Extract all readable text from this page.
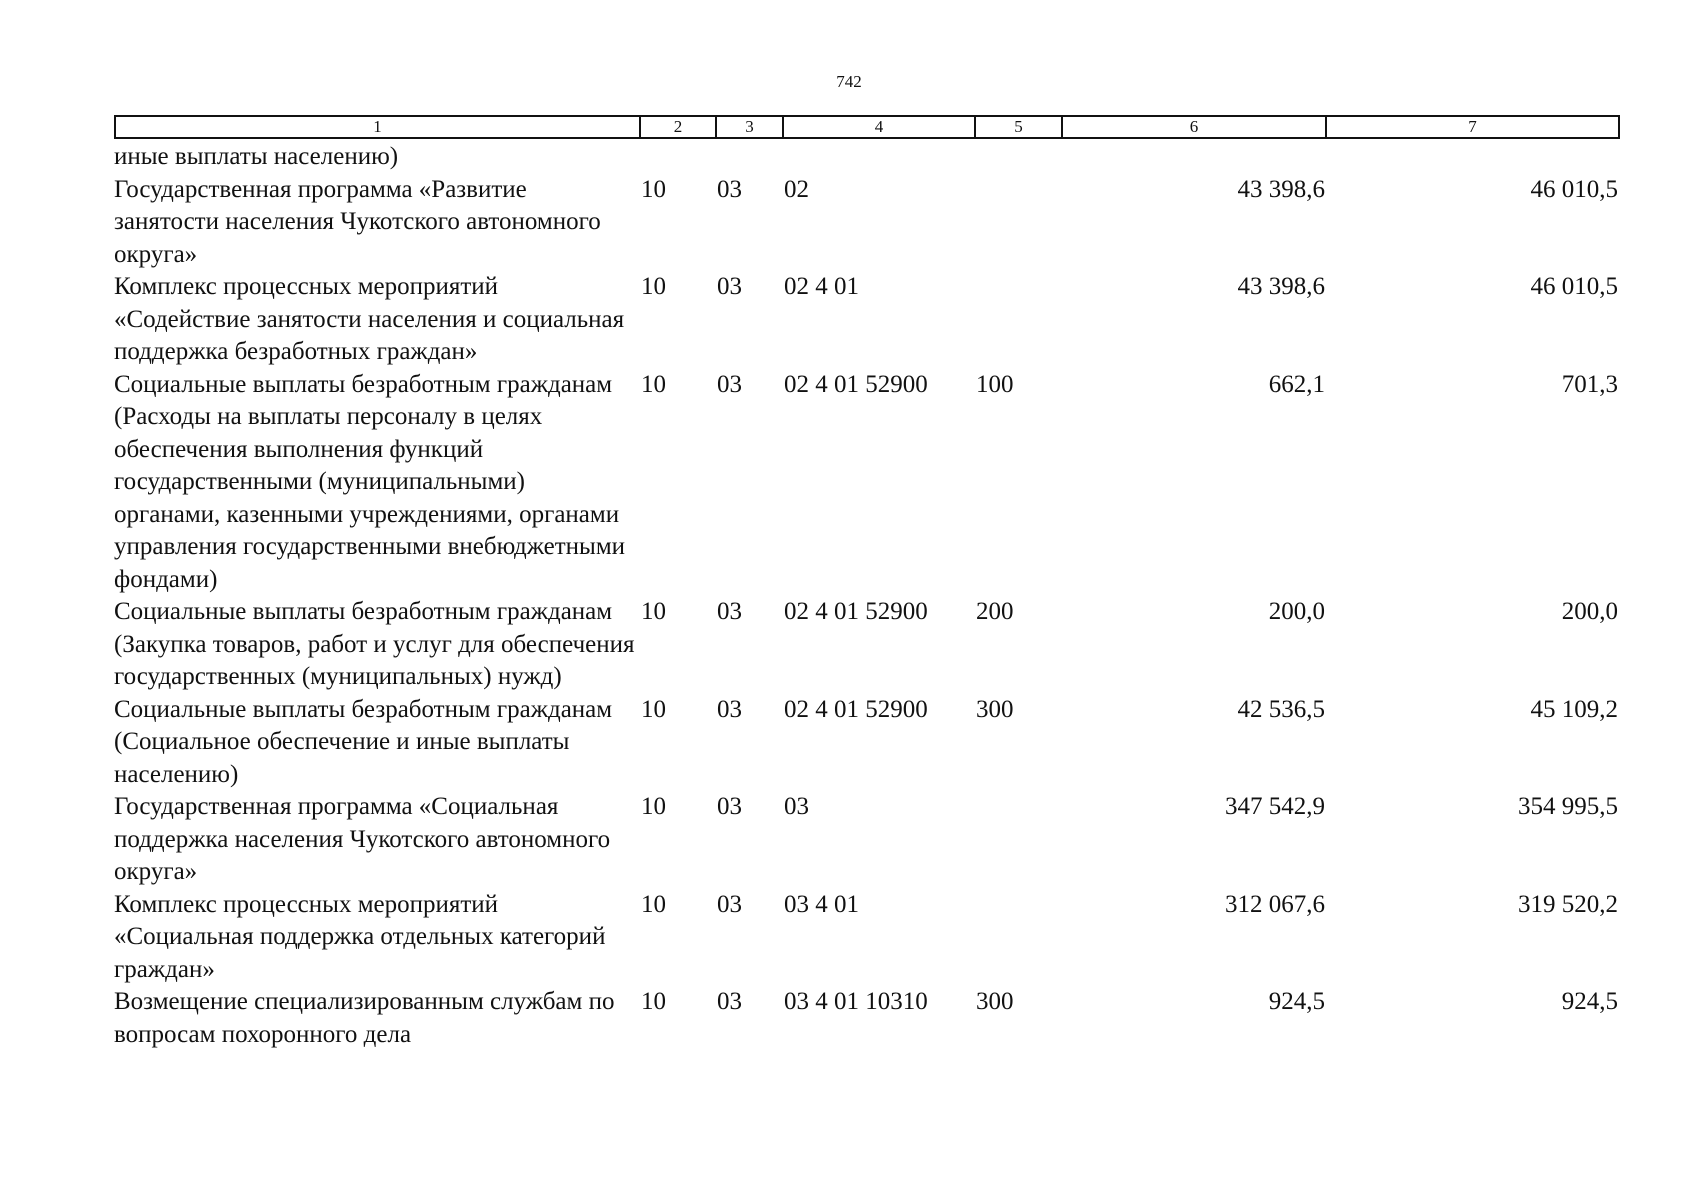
742
1	2	3	4	5	6	7
иные выплаты населению)						
Государственная программа «Развитие занятости населения Чукотского автономного округа»	10	03	02		43 398,6	46 010,5
Комплекс процессных мероприятий «Содействие занятости населения и социальная поддержка безработных граждан»	10	03	02 4 01		43 398,6	46 010,5
Социальные выплаты безработным гражданам (Расходы на выплаты персоналу в целях обеспечения выполнения функций государственными (муниципальными) органами, казенными учреждениями, органами управления государственными внебюджетными фондами)	10	03	02 4 01 52900	100	662,1	701,3
Социальные выплаты безработным гражданам (Закупка товаров, работ и услуг для обеспечения государственных (муниципальных) нужд)	10	03	02 4 01 52900	200	200,0	200,0
Социальные выплаты безработным гражданам (Социальное обеспечение и иные выплаты населению)	10	03	02 4 01 52900	300	42 536,5	45 109,2
Государственная программа «Социальная поддержка населения Чукотского автономного округа»	10	03	03		347 542,9	354 995,5
Комплекс процессных мероприятий «Социальная поддержка отдельных категорий граждан»	10	03	03 4 01		312 067,6	319 520,2
Возмещение специализированным службам по вопросам похоронного дела	10	03	03 4 01 10310	300	924,5	924,5
